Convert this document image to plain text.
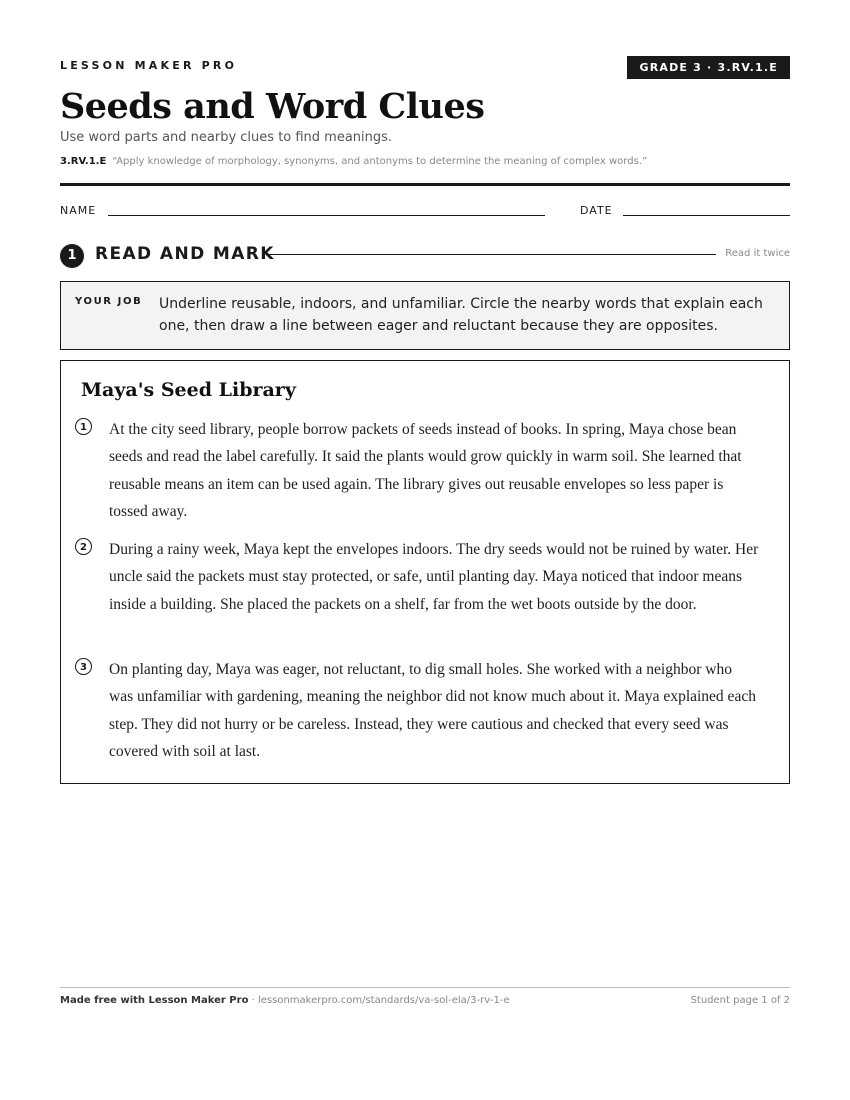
LESSON MAKER PRO	GRADE 3 · 3.RV.1.E
Seeds and Word Clues
Use word parts and nearby clues to find meanings.
3.RV.1.E “Apply knowledge of morphology, synonyms, and antonyms to determine the meaning of complex words.”
NAME	DATE
1	READ AND MARK	Read it twice
YOUR JOB Underline reusable, indoors, and unfamiliar. Circle the nearby words that explain each one, then draw a line between eager and reluctant because they are opposites.
Maya's Seed Library
1	At the city seed library, people borrow packets of seeds instead of books. In spring, Maya chose bean seeds and read the label carefully. It said the plants would grow quickly in warm soil. She learned that reusable means an item can be used again. The library gives out reusable envelopes so less paper is tossed away.
2	During a rainy week, Maya kept the envelopes indoors. The dry seeds would not be ruined by water. Her uncle said the packets must stay protected, or safe, until planting day. Maya noticed that indoor means inside a building. She placed the packets on a shelf, far from the wet boots outside by the door.
3	On planting day, Maya was eager, not reluctant, to dig small holes. She worked with a neighbor who was unfamiliar with gardening, meaning the neighbor did not know much about it. Maya explained each step. They did not hurry or be careless. Instead, they were cautious and checked that every seed was covered with soil at last.
Made free with Lesson Maker Pro · lessonmakerpro.com/standards/va-sol-ela/3-rv-1-e	Student page 1 of 2
